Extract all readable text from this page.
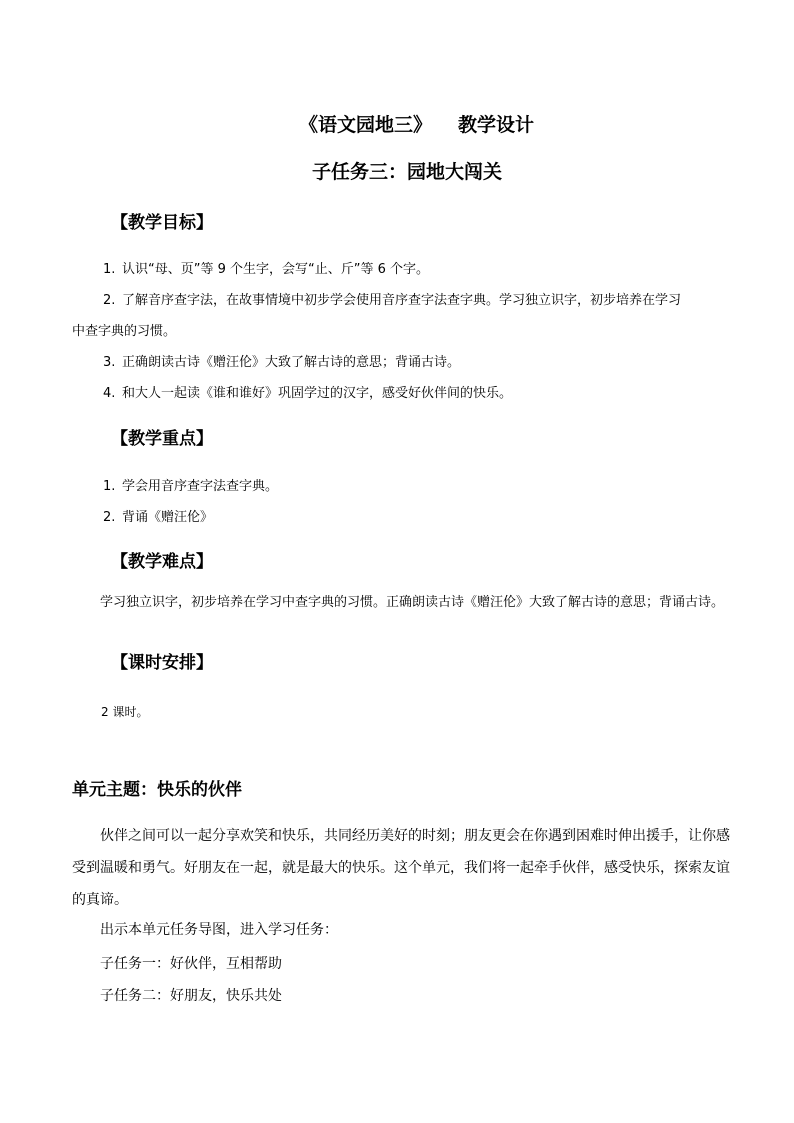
《语文园地三》 教学设计
子任务三：园地大闯关
【教学目标】
1. 认识“母、页”等 9 个生字，会写“止、斤”等 6 个字。
2. 了解音序查字法，在故事情境中初步学会使用音序查字法查字典。学习独立识字，初步培养在学习
中查字典的习惯。
3. 正确朗读古诗《赠汪伦》大致了解古诗的意思；背诵古诗。
4. 和大人一起读《谁和谁好》巩固学过的汉字，感受好伙伴间的快乐。
【教学重点】
1. 学会用音序查字法查字典。
2. 背诵《赠汪伦》
【教学难点】
学习独立识字，初步培养在学习中查字典的习惯。正确朗读古诗《赠汪伦》大致了解古诗的意思；背诵古诗。
【课时安排】
2 课时。
单元主题：快乐的伙伴
伙伴之间可以一起分享欢笑和快乐，共同经历美好的时刻；朋友更会在你遇到困难时伸出援手，让你感受到温暖和勇气。好朋友在一起，就是最大的快乐。这个单元，我们将一起牵手伙伴，感受快乐，探索友谊的真谛。
出示本单元任务导图，进入学习任务：
子任务一：好伙伴，互相帮助
子任务二：好朋友，快乐共处
